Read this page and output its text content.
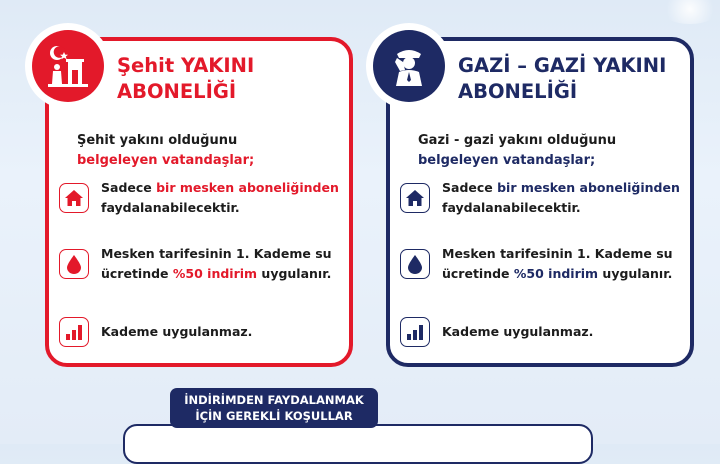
Şehit YAKINI
ABONELİĞİ
Şehit yakını olduğunu
belgeleyen vatandaşlar;
Sadece bir mesken aboneliğinden faydalanabilecektir.
Mesken tarifesinin 1. Kademe su ücretinde %50 indirim uygulanır.
Kademe uygulanmaz.
GAZİ – GAZİ YAKINI
ABONELİĞİ
Gazi - gazi yakını olduğunu
belgeleyen vatandaşlar;
Sadece bir mesken aboneliğinden faydalanabilecektir.
Mesken tarifesinin 1. Kademe su ücretinde %50 indirim uygulanır.
Kademe uygulanmaz.
İNDİRİMDEN FAYDALANMAK
İÇİN GEREKLİ KOŞULLAR
